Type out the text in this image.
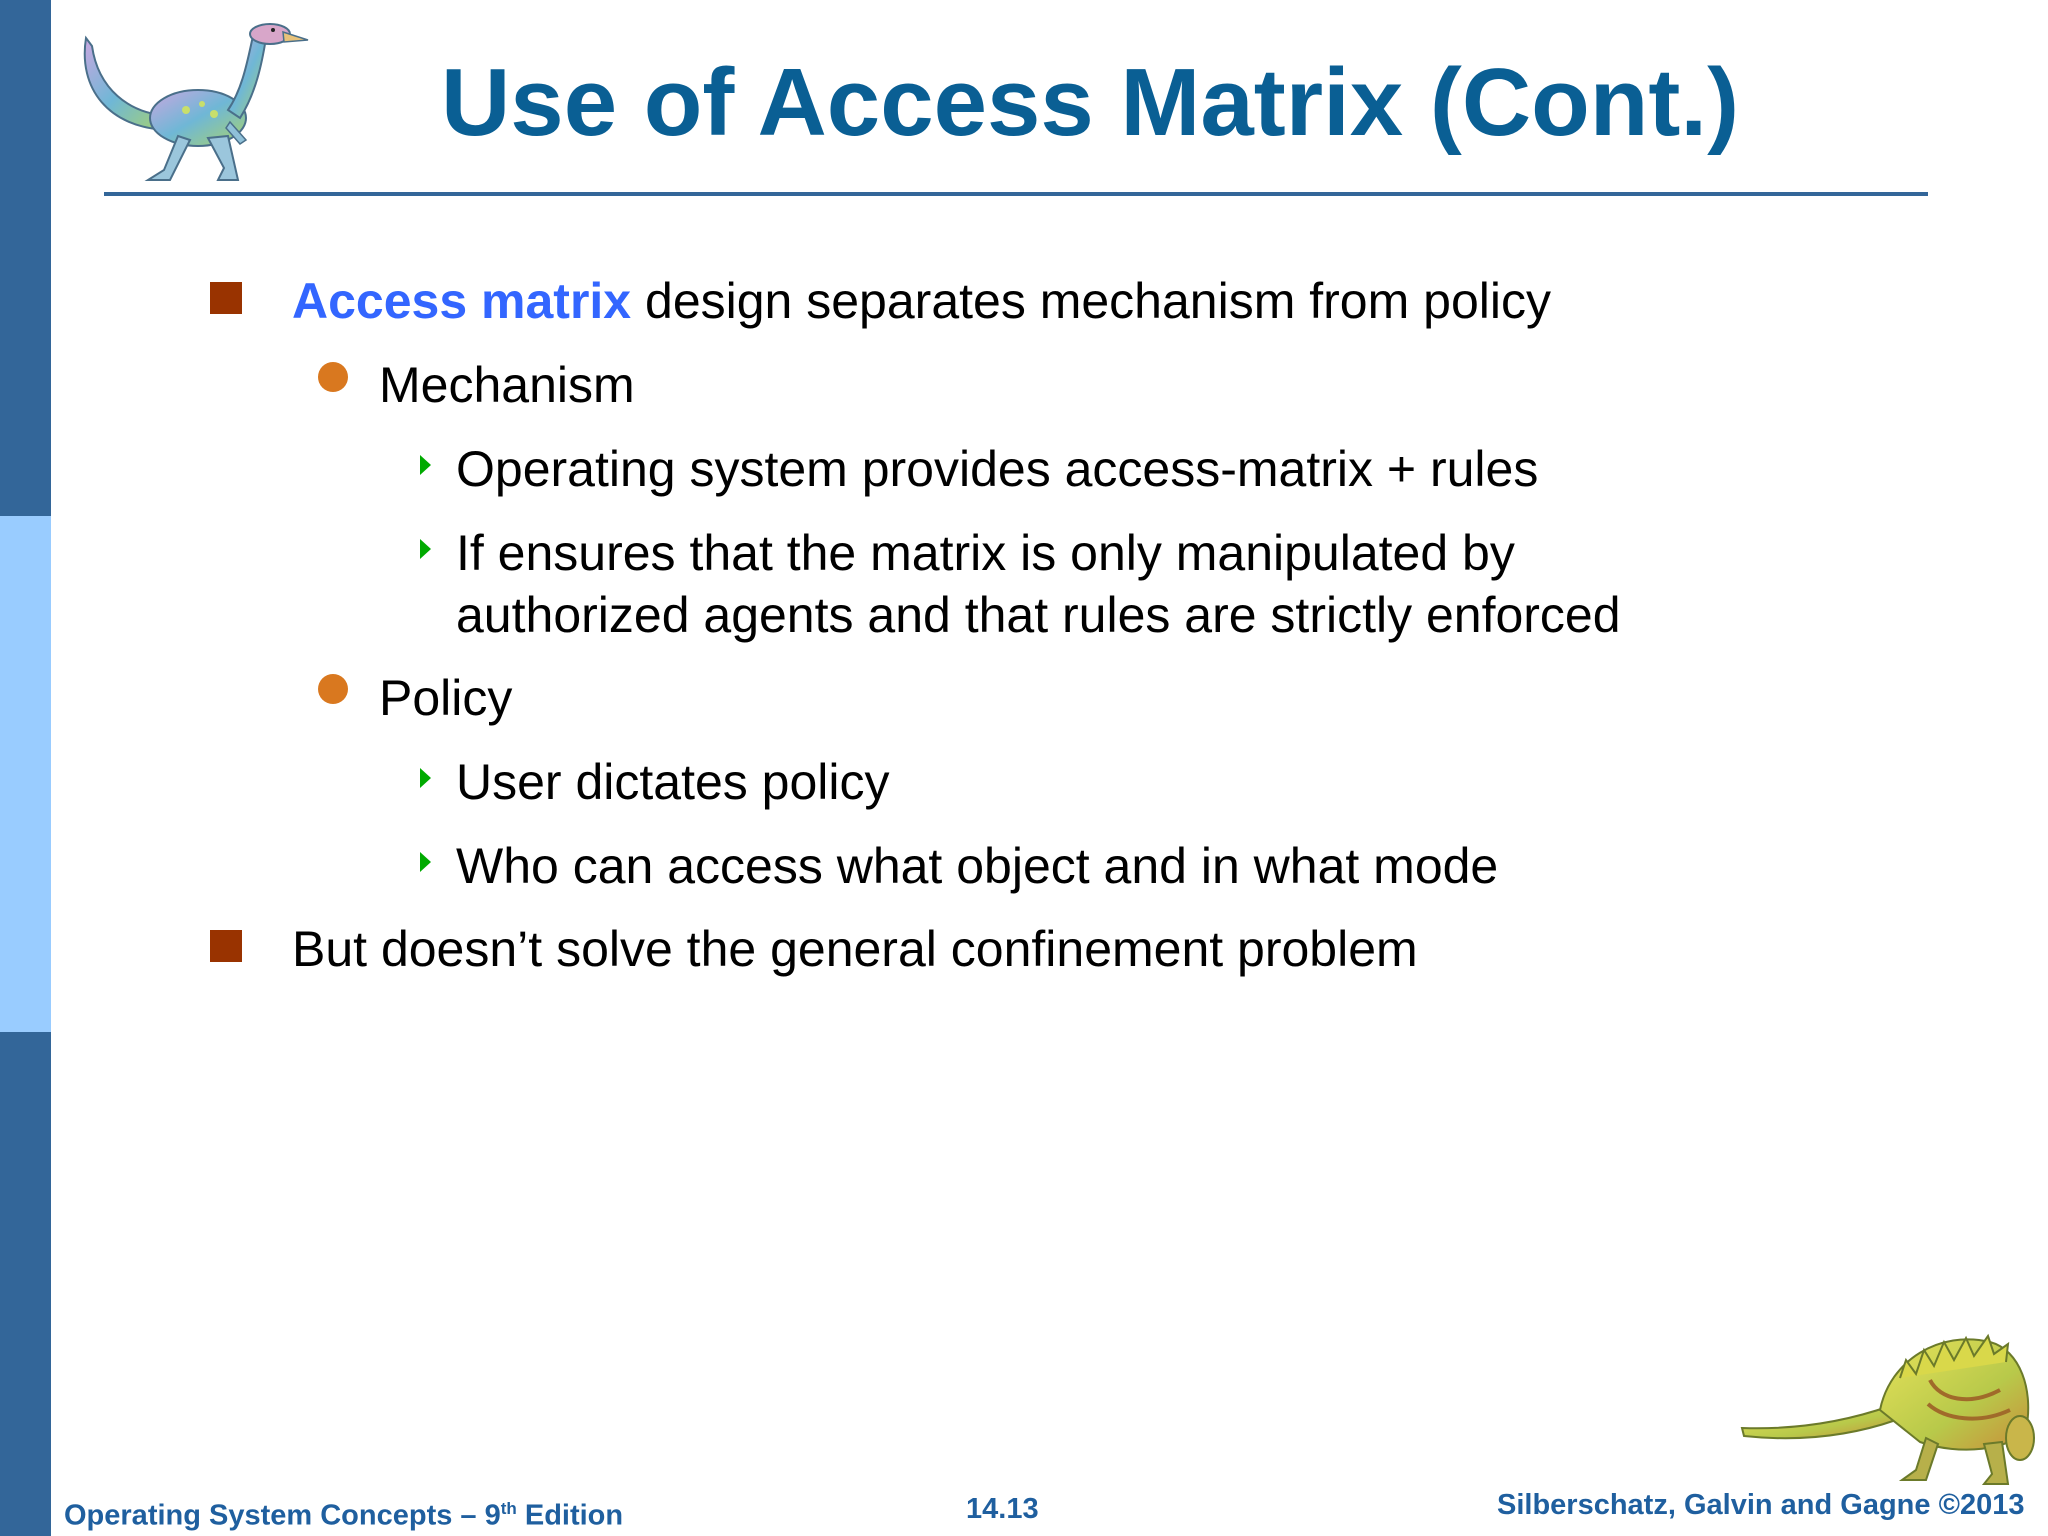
Use of Access Matrix (Cont.)
Access matrix design separates mechanism from policy
Mechanism
Operating system provides access-matrix + rules
If ensures that the matrix is only manipulated by
authorized agents and that rules are strictly enforced
Policy
User dictates policy
Who can access what object and in what mode
But doesn’t solve the general confinement problem
Operating System Concepts – 9th Edition	14.13	Silberschatz, Galvin and Gagne ©2013
